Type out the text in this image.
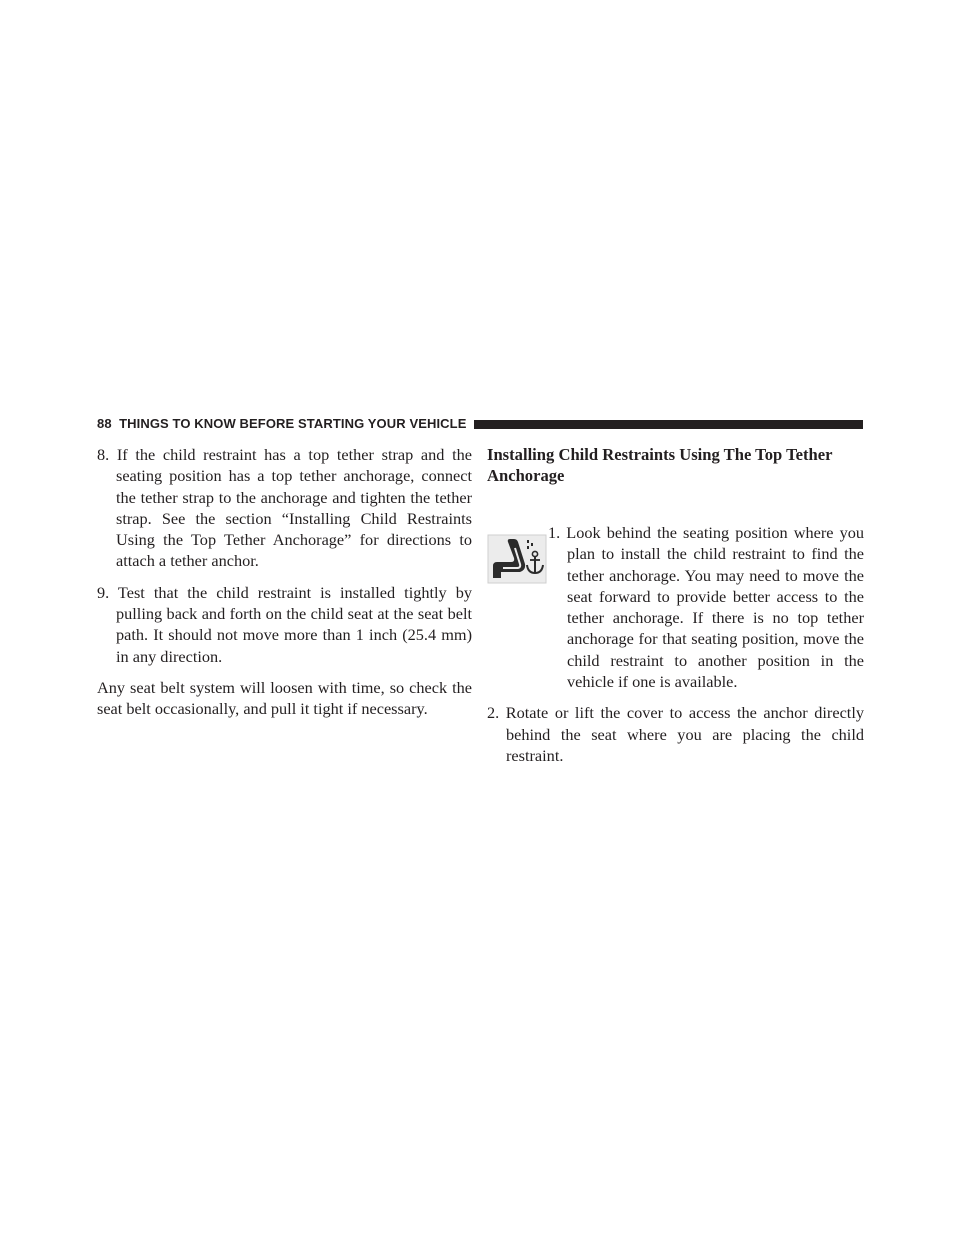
88 THINGS TO KNOW BEFORE STARTING YOUR VEHICLE

8. If the child restraint has a top tether strap and the seating position has a top tether anchorage, connect the tether strap to the anchorage and tighten the tether strap. See the section “Installing Child Restraints Using the Top Tether Anchorage” for directions to attach a tether anchor.

9. Test that the child restraint is installed tightly by pulling back and forth on the child seat at the seat belt path. It should not move more than 1 inch (25.4 mm) in any direction.

Any seat belt system will loosen with time, so check the seat belt occasionally, and pull it tight if necessary.

Installing Child Restraints Using The Top Tether Anchorage

1. Look behind the seating position where you plan to install the child restraint to find the tether anchorage. You may need to move the seat forward to provide better access to the tether anchorage. If there is no top tether anchorage for that seating position, move the child restraint to another position in the vehicle if one is available.

2. Rotate or lift the cover to access the anchor directly behind the seat where you are placing the child restraint.
